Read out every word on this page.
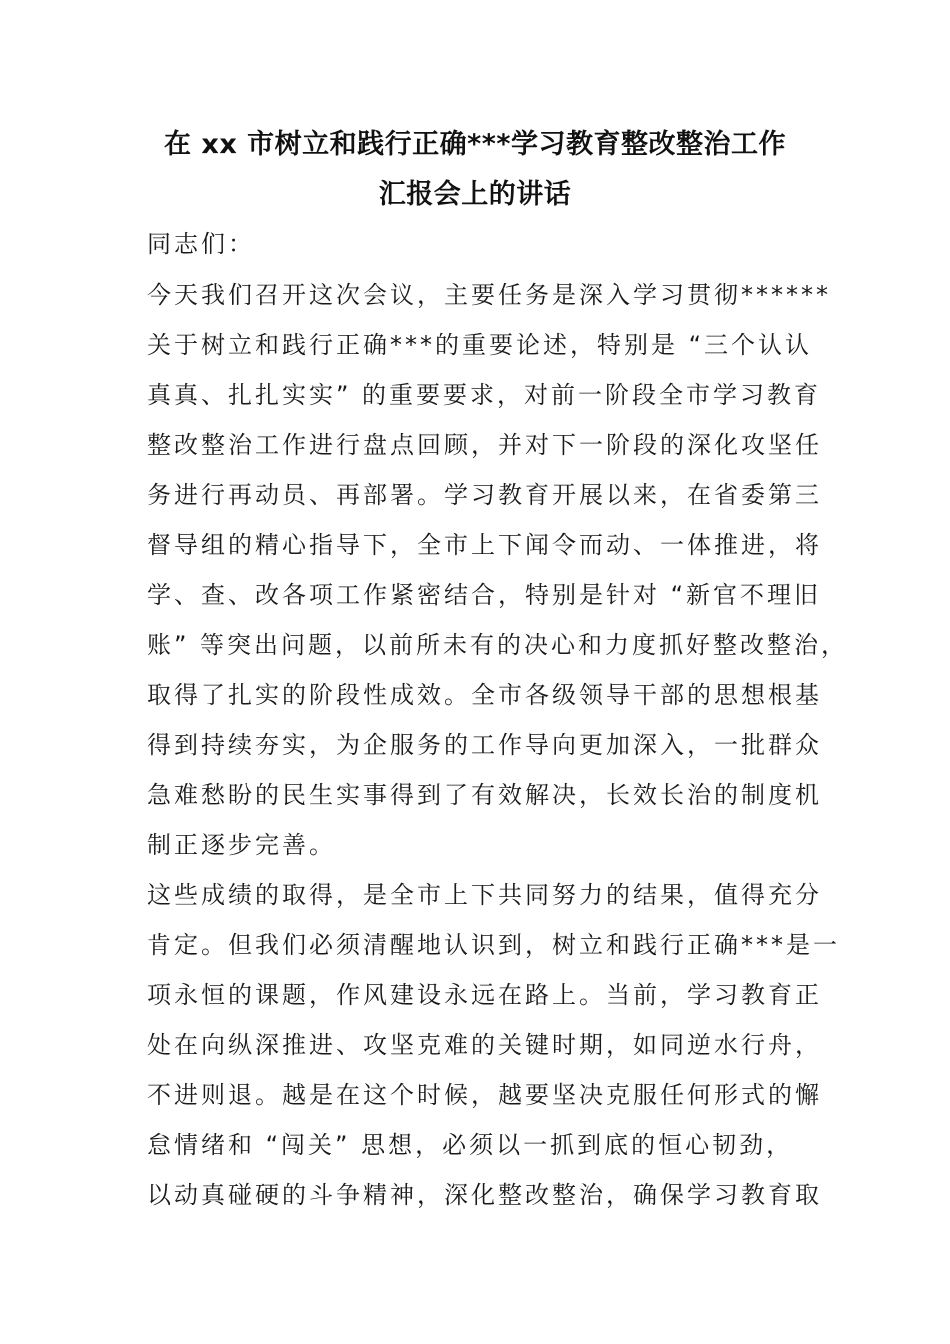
在 xx 市树立和践行正确***学习教育整改整治工作
汇报会上的讲话
同志们：
今天我们召开这次会议，主要任务是深入学习贯彻******
关于树立和践行正确***的重要论述，特别是 “三个认认
真真、扎扎实实” 的重要要求，对前一阶段全市学习教育
整改整治工作进行盘点回顾，并对下一阶段的深化攻坚任
务进行再动员、再部署。学习教育开展以来，在省委第三
督导组的精心指导下，全市上下闻令而动、一体推进，将
学、查、改各项工作紧密结合，特别是针对 “新官不理旧
账” 等突出问题，以前所未有的决心和力度抓好整改整治，
取得了扎实的阶段性成效。全市各级领导干部的思想根基
得到持续夯实，为企服务的工作导向更加深入，一批群众
急难愁盼的民生实事得到了有效解决，长效长治的制度机
制正逐步完善。
这些成绩的取得，是全市上下共同努力的结果，值得充分
肯定。但我们必须清醒地认识到，树立和践行正确***是一
项永恒的课题，作风建设永远在路上。当前，学习教育正
处在向纵深推进、攻坚克难的关键时期，如同逆水行舟，
不进则退。越是在这个时候，越要坚决克服任何形式的懈
怠情绪和 “闯关” 思想，必须以一抓到底的恒心韧劲，
以动真碰硬的斗争精神，深化整改整治，确保学习教育取
